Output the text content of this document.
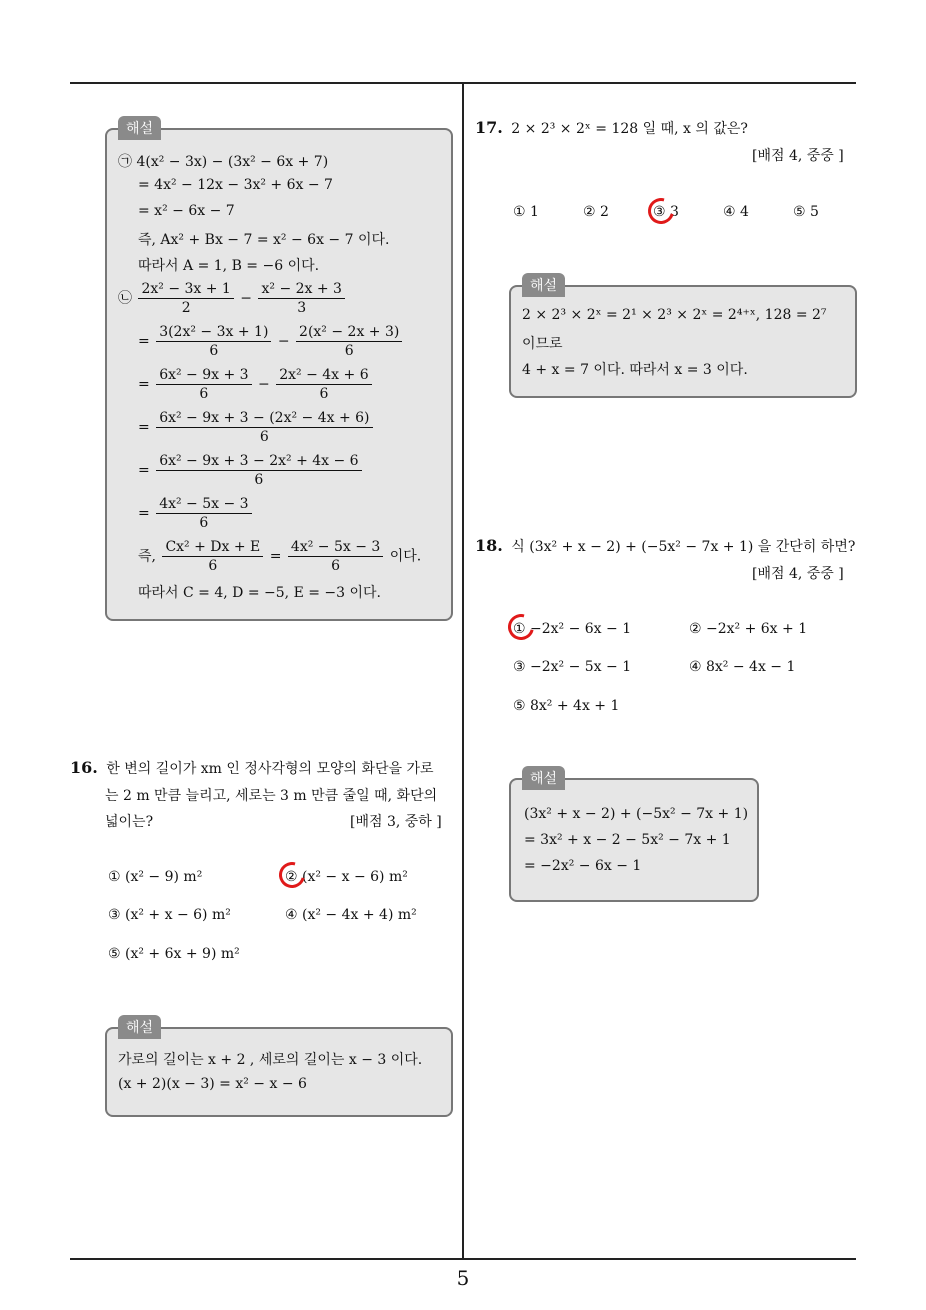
해설
㉠ 4(x² − 3x) − (3x² − 6x + 7)
= 4x² − 12x − 3x² + 6x − 7
= x² − 6x − 7
즉, Ax² + Bx − 7 = x² − 6x − 7 이다.
따라서 A = 1, B = −6 이다.
㉡ $\frac{\text{2x² − 3x + 1}}{2} - \frac{\text{x² − 2x + 3}}{3}$
= $\frac{\text{3(2x² − 3x + 1)}}{6} - \frac{\text{2(x² − 2x + 3)}}{6}$
= $\frac{\text{6x² − 9x + 3}}{6} - \frac{\text{2x² − 4x + 6}}{6}$
= $\frac{\text{6x² − 9x + 3 − (2x² − 4x + 6)}}{6}$
= $\frac{\text{6x² − 9x + 3 − 2x² + 4x − 6}}{6}$
= $\frac{\text{4x² − 5x − 3}}{6}$
즉, $\frac{\text{Cx² + Dx + E}}{6} = \frac{\text{4x² − 5x − 3}}{6}$ 이다.
따라서 C = 4, D = −5, E = −3 이다.
16. 한 변의 길이가 xm 인 정사각형의 모양의 화단을 가로
는 2 m 만큼 늘리고, 세로는 3 m 만큼 줄일 때, 화단의
넓이는?	[배점 3, 중하 ]
① (x² − 9) m²	② (x² − x − 6) m²
③ (x² + x − 6) m²	④ (x² − 4x + 4) m²
⑤ (x² + 6x + 9) m²
해설
가로의 길이는 x + 2 , 세로의 길이는 x − 3 이다.
(x + 2)(x − 3) = x² − x − 6
17. 2 × 2³ × 2ˣ = 128 일 때, x 의 값은?
[배점 4, 중중 ]
① 1	② 2	③ 3	④ 4	⑤ 5
해설
2 × 2³ × 2ˣ = 2¹ × 2³ × 2ˣ = 2⁴⁺ˣ, 128 = 2⁷
이므로
4 + x = 7 이다. 따라서 x = 3 이다.
18. 식 (3x² + x − 2) + (−5x² − 7x + 1) 을 간단히 하면?
[배점 4, 중중 ]
① −2x² − 6x − 1	② −2x² + 6x + 1
③ −2x² − 5x − 1	④ 8x² − 4x − 1
⑤ 8x² + 4x + 1
해설
(3x² + x − 2) + (−5x² − 7x + 1)
= 3x² + x − 2 − 5x² − 7x + 1
= −2x² − 6x − 1
5
